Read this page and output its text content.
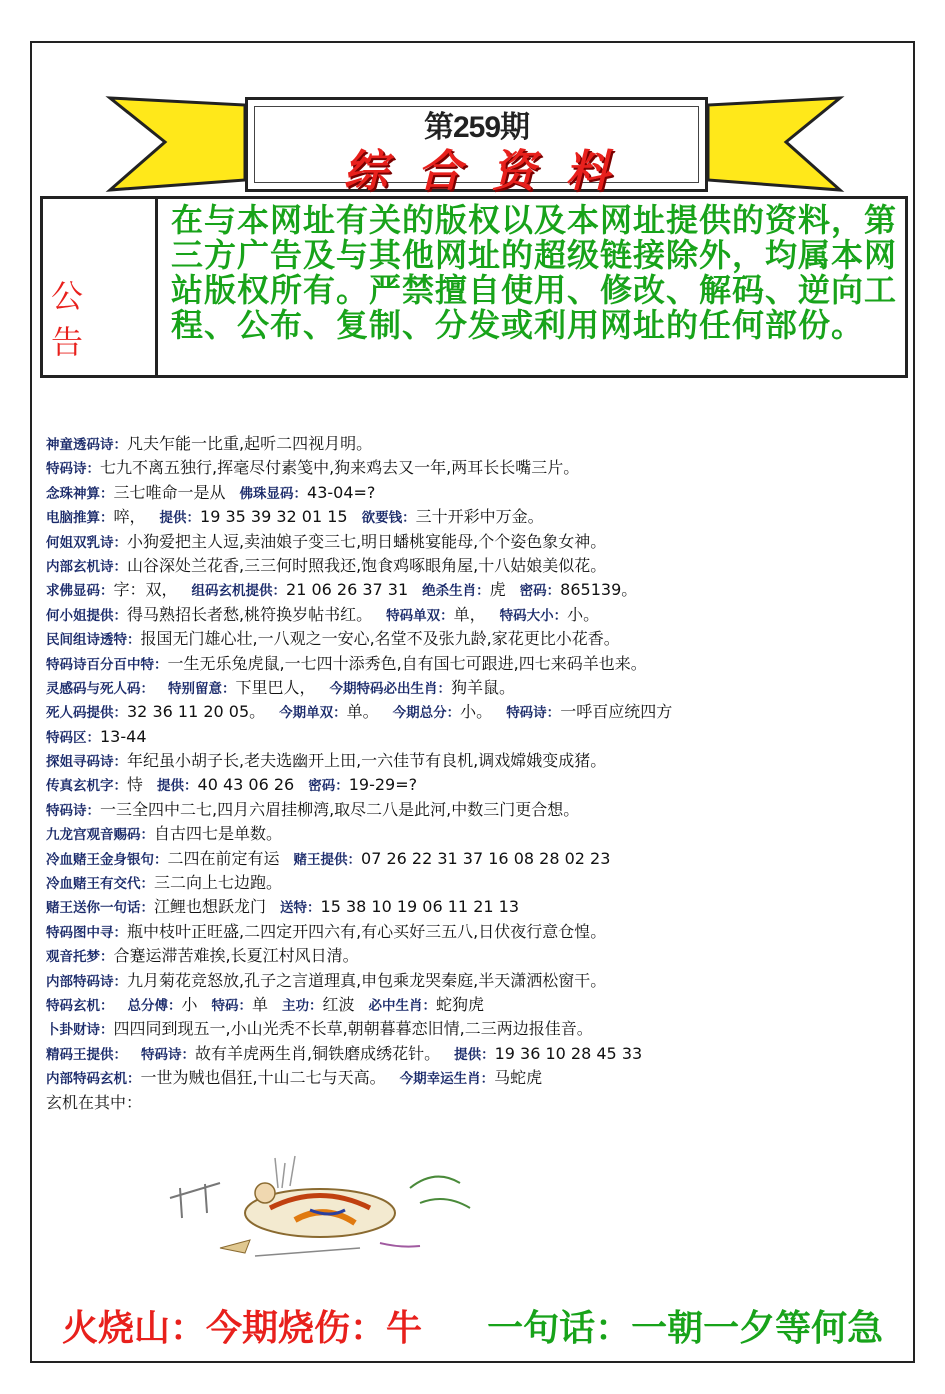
第259期
综合资料
公告
在与本网址有关的版权以及本网址提供的资料，第三方广告及与其他网址的超级链接除外，均属本网站版权所有。严禁擅自使用、修改、解码、逆向工程、公布、复制、分发或利用网址的任何部份。
神童透码诗：凡夫乍能一比重,起听二四视月明。
特码诗：七九不离五独行,挥毫尽付素笺中,狗来鸡去又一年,两耳长长嘴三片。
念珠神算：三七唯命一是从 佛珠显码：43-04=?
电脑推算：啐， 提供：19 35 39 32 01 15 欲要钱：三十开彩中万金。
何姐双乳诗：小狗爱把主人逗,卖油娘子变三七,明日蟠桃宴能母,个个姿色象女神。
内部玄机诗：山谷深处兰花香,三三何时照我还,饱食鸡啄眼角屋,十八姑娘美似花。
求佛显码：字：双， 组码玄机提供：21 06 26 37 31 绝杀生肖：虎 密码：865139。
何小姐提供：得马熟招长者愁,桃符换岁帖书红。 特码单双：单， 特码大小：小。
民间组诗透特：报国无门雄心壮,一八观之一安心,名堂不及张九龄,家花更比小花香。
特码诗百分百中特：一生无乐兔虎鼠,一七四十添秀色,自有国七可跟进,四七来码羊也来。
灵感码与死人码： 特别留意：下里巴人， 今期特码必出生肖：狗羊鼠。
死人码提供：32 36 11 20 05。 今期单双：单。 今期总分：小。 特码诗：一呼百应统四方
特码区：13-44
探姐寻码诗：年纪虽小胡子长,老夫选幽开上田,一六佳节有良机,调戏嫦娥变成猪。
传真玄机字：恃 提供：40 43 06 26 密码：19-29=?
特码诗：一三全四中二七,四月六眉挂柳湾,取尽二八是此河,中数三门更合想。
九龙宫观音赐码：自古四七是单数。
冷血赌王金身银句：二四在前定有运 赌王提供：07 26 22 31 37 16 08 28 02 23
冷血赌王有交代：三二向上七边跑。
赌王送你一句话：江鲤也想跃龙门 送特：15 38 10 19 06 11 21 13
特码图中寻：瓶中枝叶正旺盛,二四定开四六有,有心买好三五八,日伏夜行意仓惶。
观音托梦：合蹇运滞苦难挨,长夏江村风日清。
内部特码诗：九月菊花竞怒放,孔子之言道理真,申包乘龙哭秦庭,半天潇洒松窗干。
特码玄机： 总分傅：小 特码：单 主功：红波 必中生肖：蛇狗虎
卜卦财诗：四四同到现五一,小山光秃不长草,朝朝暮暮恋旧情,二三两边报佳音。
精码王提供： 特码诗：故有羊虎两生肖,铜铁磨成绣花针。 提供：19 36 10 28 45 33
内部特码玄机：一世为贼也倡狂,十山二七与天高。 今期幸运生肖：马蛇虎
玄机在其中：
火烧山：今期烧伤：牛 一句话：一朝一夕等何急
